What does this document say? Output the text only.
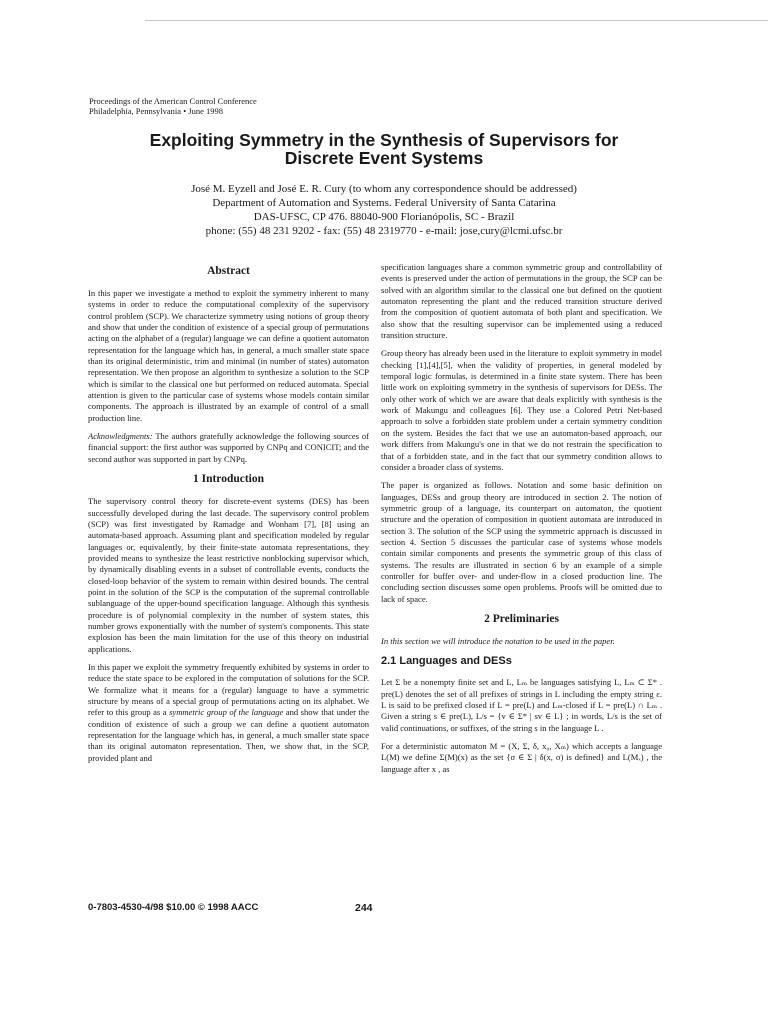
Proceedings of the American Control Conference
Philadelphia, Pennsylvania • June 1998
Exploiting Symmetry in the Synthesis of Supervisors for
Discrete Event Systems
José M. Eyzell and José E. R. Cury (to whom any correspondence should be addressed)
Department of Automation and Systems. Federal University of Santa Catarina
DAS-UFSC, CP 476. 88040-900 Florianópolis, SC - Brazil
phone: (55) 48 231 9202 - fax: (55) 48 2319770 - e-mail: jose,cury@lcmi.ufsc.br
Abstract

In this paper we investigate a method to exploit the symmetry inherent to many systems in order to reduce the computational complexity of the supervisory control problem (SCP). We characterize symmetry using notions of group theory and show that under the condition of existence of a special group of permutations acting on the alphabet of a (regular) language we can define a quotient automaton representation for the language which has, in general, a much smaller state space than its original deterministic, trim and minimal (in number of states) automaton representation. We then propose an algorithm to synthesize a solution to the SCP which is similar to the classical one but performed on reduced automata. Special attention is given to the particular case of systems whose models contain similar components. The approach is illustrated by an example of control of a small production line.

Acknowledgments: The authors gratefully acknowledge the following sources of financial support: the first author was supported by CNPq and CONICIT; and the second author was supported in part by CNPq.

1 Introduction

The supervisory control theory for discrete-event systems (DES) has been successfully developed during the last decade. The supervisory control problem (SCP) was first investigated by Ramadge and Wonham [7], [8] using an automata-based approach. Assuming plant and specification modeled by regular languages or, equivalently, by their finite-state automata representations, they provided means to synthesize the least restrictive nonblocking supervisor which, by dynamically disabling events in a subset of controllable events, conducts the closed-loop behavior of the system to remain within desired bounds. The central point in the solution of the SCP is the computation of the supremal controllable sublanguage of the upper-bound specification language. Although this synthesis procedure is of polynomial complexity in the number of system states, this number grows exponentially with the number of system's components. This state explosion has been the main limitation for the use of this theory on industrial applications.

In this paper we exploit the symmetry frequently exhibited by systems in order to reduce the state space to be explored in the computation of solutions for the SCP. We formalize what it means for a (regular) language to have a symmetric structure by means of a special group of permutations acting on its alphabet. We refer to this group as a symmetric group of the language and show that under the condition of existence of such a group we can define a quotient automaton representation for the language which has, in general, a much smaller state space than its original automaton representation. Then, we show that, in the SCP, provided plant and

specification languages share a common symmetric group and controllability of events is preserved under the action of permutations in the group, the SCP can be solved with an algorithm similar to the classical one but defined on the quotient automaton representing the plant and the reduced transition structure derived from the composition of quotient automata of both plant and specification. We also show that the resulting supervisor can be implemented using a reduced transition structure.

Group theory has already been used in the literature to exploit symmetry in model checking [1],[4],[5], when the validity of properties, in general modeled by temporal logic formulas, is determined in a finite state system. There has been little work on exploiting symmetry in the synthesis of supervisors for DESs. The only other work of which we are aware that deals explicitly with synthesis is the work of Makungu and colleagues [6]. They use a Colored Petri Net-based approach to solve a forbidden state problem under a certain symmetry condition on the system. Besides the fact that we use an automaton-based approach, our work differs from Makungu's one in that we do not restrain the specification to that of a forbidden state, and in the fact that our symmetry condition allows to consider a broader class of systems.

The paper is organized as follows. Notation and some basic definition on languages, DESs and group theory are introduced in section 2. The notion of symmetric group of a language, its counterpart on automaton, the quotient structure and the operation of composition in quotient automata are introduced in section 3. The solution of the SCP using the symmetric approach is discussed in section 4. Section 5 discusses the particular case of systems whose models contain similar components and presents the symmetric group of this class of systems. The results are illustrated in section 6 by an example of a simple controller for buffer over- and under-flow in a closed production line. The concluding section discusses some open problems. Proofs will be omitted due to lack of space.

2 Preliminaries

In this section we will introduce the notation to be used in the paper.

2.1 Languages and DESs

Let Σ be a nonempty finite set and L, Lₘ be languages satisfying L, Lₘ ⊂ Σ* . pre(L) denotes the set of all prefixes of strings in L including the empty string ε. L is said to be prefixed closed if L = pre(L) and Lₘ-closed if L = pre(L) ∩ Lₘ . Given a string s ∈ pre(L), L/s = {v ∈ Σ* | sv ∈ L} ; in words, L/s is the set of valid continuations, or suffixes, of the string s in the language L .

For a deterministic automaton M = (X, Σ, δ, x₀, Xₘ) which accepts a language L(M) we define Σ(M)(x) as the set {σ ∈ Σ | δ(x, σ) is defined} and L(Mₓ) , the language after x , as

0-7803-4530-4/98 $10.00 © 1998 AACC	244
